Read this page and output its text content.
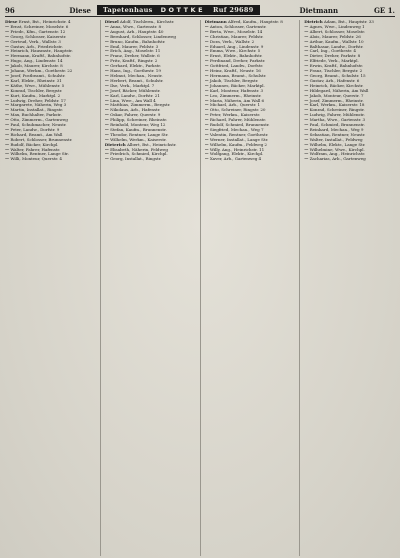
96	Diese Tapetenhaus DOTTKE Ruf 29689	Dietmann	GE 1.
Diese Ernst, Bst., Heinrichstr. 4
— Ernst, Schreiner, Moselstr. 6
— Friedr., Kfm., Gartenstr. 12
— Georg, Schlosser, Kaiserstr.
— Gertrud, Verk., Wallstr. 3
— Gustav, Arb., Friedrichstr.
— Heinrich, Hausmstr., Hauptstr.
— Hermann, Kraftf., Bahnhofstr.
— Hugo, Ang., Lindenstr. 14
— Jakob, Maurer, Kirchstr. 8
— Johann, Werkm., Goethestr. 22
— Josef, Postbeamt., Schulstr.
— Karl, Elektr., Rheinstr. 31
— Käthe, Wwe., Mühlenstr. 5
— Konrad, Tischler, Bergstr.
— Kurt, Kaufm., Marktpl. 2
— Ludwig, Dreher, Feldstr. 17
— Margarete, Näherin, Weg 3
— Martin, Installat., Ringstr.
— Max, Buchhalter, Parkstr.
— Otto, Zimmerm., Gartenweg
— Paul, Schuhmacher, Neustr.
— Peter, Landw., Dorfstr. 9
— Richard, Beamt., Am Wall
— Robert, Schlosser, Brunnenstr.
— Rudolf, Bäcker, Kirchpl.
— Walter, Fahrer, Hafenstr.
— Wilhelm, Rentner, Lange Str.
— Willi, Monteur, Querstr. 4
Diesel Adolf, Tischlerm., Kirchstr.
— Anna, Wwe., Gartenstr. 8
— August, Arb., Hauptstr. 40
— Bernhard, Schlosser, Lindenweg
— Bruno, Kaufm., Bahnhofstr.
— Emil, Maurer, Feldstr. 3
— Erich, Ang., Moselstr. 11
— Franz, Dreher, Wallstr. 6
— Fritz, Kraftf., Ringstr. 2
— Gerhard, Elektr., Parkstr.
— Hans, Ing., Goethestr. 19
— Helmut, Mechan., Neustr.
— Herbert, Beamt., Schulstr.
— Ilse, Verk., Marktpl. 7
— Josef, Bäcker, Mühlenstr.
— Karl, Landw., Dorfstr. 21
— Lina, Wwe., Am Wall 4
— Matthias, Zimmerm., Bergstr.
— Nikolaus, Arb., Hafenstr.
— Oskar, Fahrer, Querstr. 9
— Philipp, Schreiner, Rheinstr.
— Reinhold, Monteur, Weg 12
— Stefan, Kaufm., Brunnenstr.
— Theodor, Rentner, Lange Str.
— Wilhelm, Werkm., Kaiserstr.
Dieterich Albert, Bst., Heinrichstr.
— Elisabeth, Näherin, Feldweg
— Friedrich, Schmied, Kirchpl.
— Georg, Installat., Ringstr.
Dietmann Alfred, Kaufm., Hauptstr. 8
— Anton, Schlosser, Gartenstr.
— Berta, Wwe., Moselstr. 14
— Christian, Maurer, Feldstr.
— Dora, Verk., Wallstr. 2
— Eduard, Ang., Lindenstr. 9
— Emma, Wwe., Kirchstr. 5
— Ernst, Elektr., Bahnhofstr.
— Ferdinand, Dreher, Parkstr.
— Gottfried, Landw., Dorfstr.
— Heinz, Kraftf., Neustr. 16
— Hermann, Beamt., Schulstr.
— Jakob, Tischler, Bergstr.
— Johannes, Bäcker, Marktpl.
— Karl, Monteur, Hafenstr. 3
— Leo, Zimmerm., Rheinstr.
— Maria, Näherin, Am Wall 6
— Michael, Arb., Querstr. 1
— Otto, Schreiner, Ringstr. 20
— Peter, Werkm., Kaiserstr.
— Richard, Fahrer, Mühlenstr.
— Rudolf, Schmied, Brunnenstr.
— Siegfried, Mechan., Weg 7
— Valentin, Rentner, Goethestr.
— Werner, Installat., Lange Str.
— Wilhelm, Kaufm., Feldweg 2
— Willy, Ang., Heinrichstr. 11
— Wolfgang, Elektr., Kirchpl.
— Xaver, Arb., Gartenweg 4
Dietrich Adam, Bst., Hauptstr. 33
— Agnes, Wwe., Lindenweg 1
— Albert, Schlosser, Moselstr.
— Alois, Maurer, Feldstr. 26
— Arthur, Kaufm., Wallstr. 10
— Balthasar, Landw., Dorfstr.
— Carl, Ing., Goethestr. 4
— Dieter, Dreher, Parkstr. 8
— Elfriede, Verk., Marktpl.
— Erwin, Kraftf., Bahnhofstr.
— Franz, Tischler, Bergstr. 2
— Georg, Beamt., Schulstr. 15
— Gustav, Arb., Hafenstr. 6
— Heinrich, Bäcker, Kirchstr.
— Hildegard, Näherin, Am Wall
— Jakob, Monteur, Querstr. 7
— Josef, Zimmerm., Rheinstr.
— Karl, Werkm., Kaiserstr. 18
— Konrad, Schreiner, Ringstr.
— Ludwig, Fahrer, Mühlenstr.
— Martha, Wwe., Gartenstr. 3
— Paul, Schmied, Brunnenstr.
— Reinhard, Mechan., Weg 9
— Sebastian, Rentner, Neustr.
— Walter, Installat., Feldweg
— Wilhelm, Elektr., Lange Str.
— Wilhelmine, Wwe., Kirchpl.
— Wolfram, Ang., Heinrichstr.
— Zacharias, Arb., Gartenweg
